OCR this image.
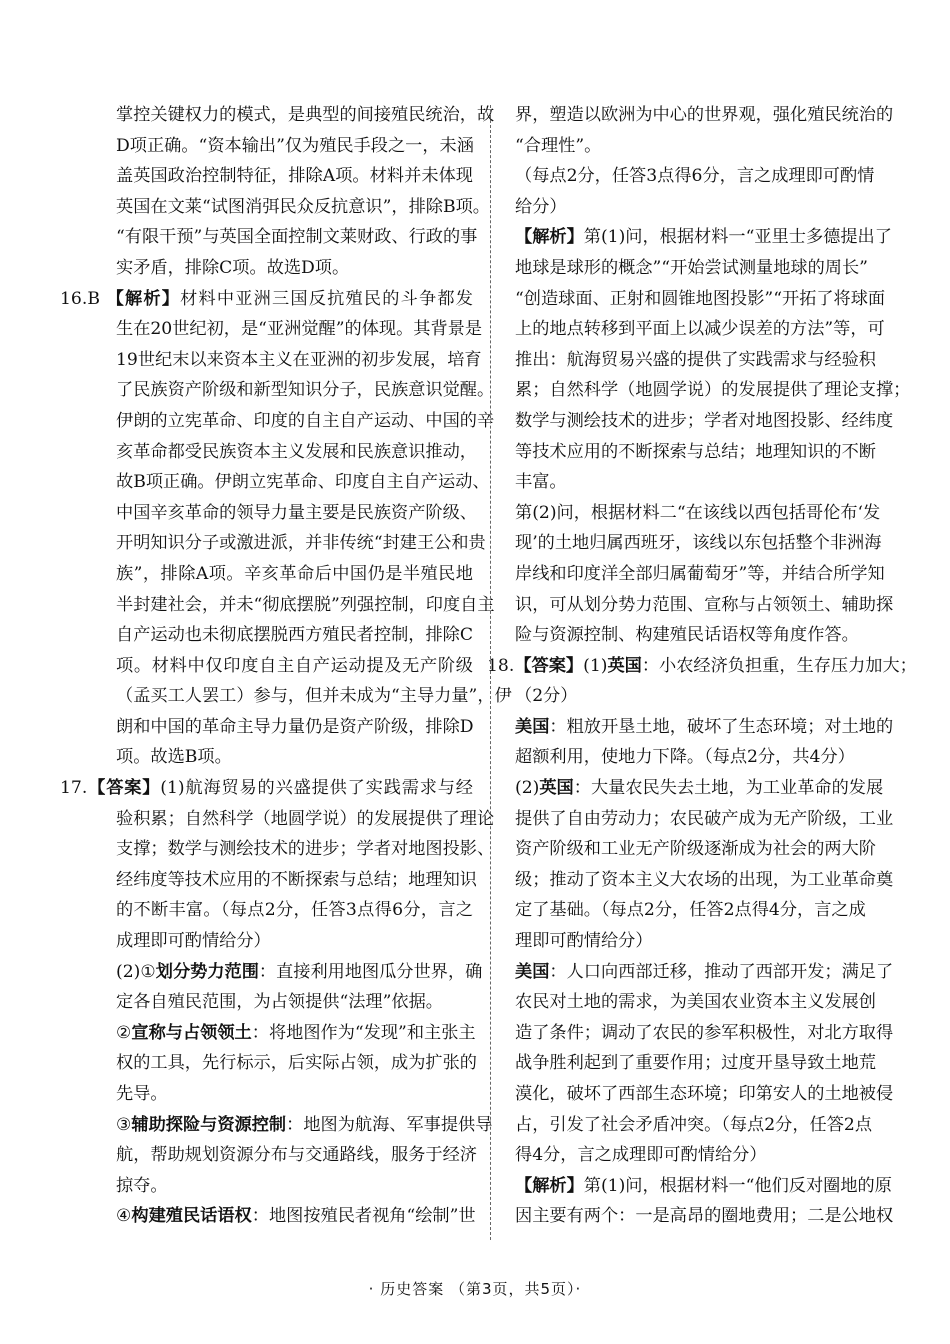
掌控关键权力的模式，是典型的间接殖民统治，故
D项正确。“资本输出”仅为殖民手段之一，未涵
盖英国政治控制特征，排除A项。材料并未体现
英国在文莱“试图消弭民众反抗意识”，排除B项。
“有限干预”与英国全面控制文莱财政、行政的事
实矛盾，排除C项。故选D项。
16.B 【解析】材料中亚洲三国反抗殖民的斗争都发
生在20世纪初，是“亚洲觉醒”的体现。其背景是
19世纪末以来资本主义在亚洲的初步发展，培育
了民族资产阶级和新型知识分子，民族意识觉醒。
伊朗的立宪革命、印度的自主自产运动、中国的辛
亥革命都受民族资本主义发展和民族意识推动，
故B项正确。伊朗立宪革命、印度自主自产运动、
中国辛亥革命的领导力量主要是民族资产阶级、
开明知识分子或激进派，并非传统“封建王公和贵
族”，排除A项。辛亥革命后中国仍是半殖民地
半封建社会，并未“彻底摆脱”列强控制，印度自主
自产运动也未彻底摆脱西方殖民者控制，排除C
项。材料中仅印度自主自产运动提及无产阶级
（孟买工人罢工）参与，但并未成为“主导力量”，伊
朗和中国的革命主导力量仍是资产阶级，排除D
项。故选B项。
17.【答案】(1)航海贸易的兴盛提供了实践需求与经
验积累；自然科学（地圆学说）的发展提供了理论
支撑；数学与测绘技术的进步；学者对地图投影、
经纬度等技术应用的不断探索与总结；地理知识
的不断丰富。（每点2分，任答3点得6分，言之
成理即可酌情给分）
(2)①划分势力范围：直接利用地图瓜分世界，确
定各自殖民范围，为占领提供“法理”依据。
②宣称与占领领土：将地图作为“发现”和主张主
权的工具，先行标示，后实际占领，成为扩张的
先导。
③辅助探险与资源控制：地图为航海、军事提供导
航，帮助规划资源分布与交通路线，服务于经济
掠夺。
④构建殖民话语权：地图按殖民者视角“绘制”世
界，塑造以欧洲为中心的世界观，强化殖民统治的
“合理性”。
（每点2分，任答3点得6分，言之成理即可酌情
给分）
【解析】第(1)问，根据材料一“亚里士多德提出了
地球是球形的概念”“开始尝试测量地球的周长”
“创造球面、正射和圆锥地图投影”“开拓了将球面
上的地点转移到平面上以减少误差的方法”等，可
推出：航海贸易兴盛的提供了实践需求与经验积
累；自然科学（地圆学说）的发展提供了理论支撑；
数学与测绘技术的进步；学者对地图投影、经纬度
等技术应用的不断探索与总结；地理知识的不断
丰富。
第(2)问，根据材料二“在该线以西包括哥伦布‘发
现’的土地归属西班牙，该线以东包括整个非洲海
岸线和印度洋全部归属葡萄牙”等，并结合所学知
识，可从划分势力范围、宣称与占领领土、辅助探
险与资源控制、构建殖民话语权等角度作答。
18.【答案】(1)英国：小农经济负担重，生存压力加大；
（2分）
美国：粗放开垦土地，破坏了生态环境；对土地的
超额利用，使地力下降。（每点2分，共4分）
(2)英国：大量农民失去土地，为工业革命的发展
提供了自由劳动力；农民破产成为无产阶级，工业
资产阶级和工业无产阶级逐渐成为社会的两大阶
级；推动了资本主义大农场的出现，为工业革命奠
定了基础。（每点2分，任答2点得4分，言之成
理即可酌情给分）
美国：人口向西部迁移，推动了西部开发；满足了
农民对土地的需求，为美国农业资本主义发展创
造了条件；调动了农民的参军积极性，对北方取得
战争胜利起到了重要作用；过度开垦导致土地荒
漠化，破坏了西部生态环境；印第安人的土地被侵
占，引发了社会矛盾冲突。（每点2分，任答2点
得4分，言之成理即可酌情给分）
【解析】第(1)问，根据材料一“他们反对圈地的原
因主要有两个：一是高昂的圈地费用；二是公地权
· 历史答案 （第3页，共5页）·
